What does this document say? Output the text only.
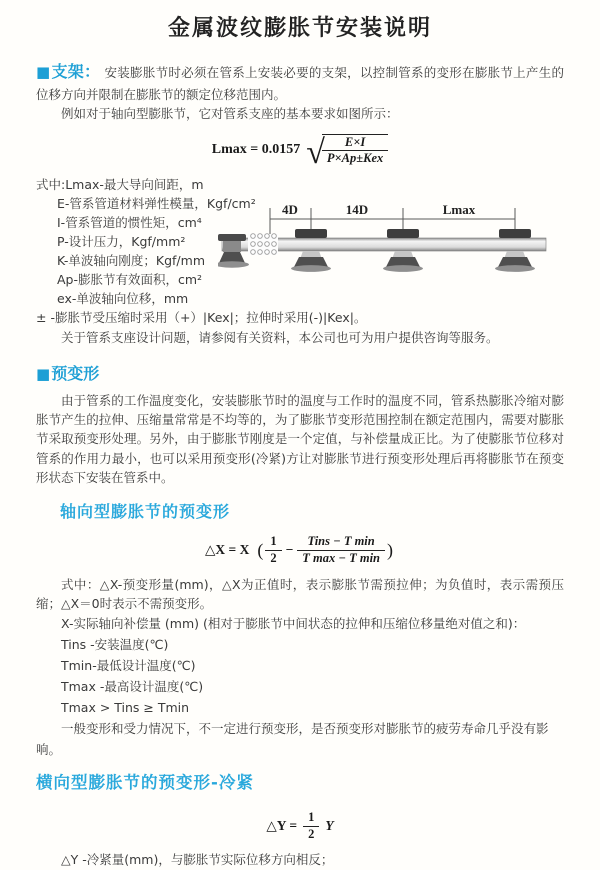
金属波纹膨胀节安装说明

■支架： 安装膨胀节时必须在管系上安装必要的支架，以控制管系的变形在膨胀节上产生的位移方向并限制在膨胀节的额定位移范围内。

例如对于轴向型膨胀节，它对管系支座的基本要求如图所示：

Lmax = 0.0157 √
$\frac{E\times I}{\text{P×Ap±Kex}}$
式中:Lmax-最大导向间距，m
E-管系管道材料弹性模量，Kgf/cm²
I-管系管道的惯性矩，cm⁴
P-设计压力，Kgf/mm²
K-单波轴向刚度；Kgf/mm
Ap-膨胀节有效面积，cm²
ex-单波轴向位移，mm
4D	14D	Lmax

± -膨胀节受压缩时采用（+）|Kex|；拉伸时采用(-)|Kex|。

关于管系支座设计问题，请参阅有关资料，本公司也可为用户提供咨询等服务。

■预变形

由于管系的工作温度变化，安装膨胀节时的温度与工作时的温度不同，管系热膨胀冷缩对膨胀节产生的拉伸、压缩量常常是不均等的，为了膨胀节变形范围控制在额定范围内，需要对膨胀节采取预变形处理。另外，由于膨胀节刚度是一个定值，与补偿量成正比。为了使膨胀节位移对管系的作用力最小，也可以采用预变形(冷紧)方让对膨胀节进行预变形处理后再将膨胀节在预变形状态下安装在管系中。

轴向型膨胀节的预变形

△X = X ( $\frac{1}{2} - \frac{\text{Tins − T min}}{\text{T max − T min}}$ )

式中：△X-预变形量(mm)，△X为正值时，表示膨胀节需预拉伸；为负值时，表示需预压缩；△X＝0时表示不需预变形。

X-实际轴向补偿量 (mm) (相对于膨胀节中间状态的拉伸和压缩位移量绝对值之和)：
Tins -安装温度(℃)
Tmin-最低设计温度(℃)
Tmax -最高设计温度(℃)
Tmax > Tins ≥ Tmin
一般变形和受力情况下，不一定进行预变形，是否预变形对膨胀节的疲劳寿命几乎没有影响。

横向型膨胀节的预变形-冷紧

△Y = $\frac{1}{2}$ Y

△Y -冷紧量(mm)，与膨胀节实际位移方向相反；
